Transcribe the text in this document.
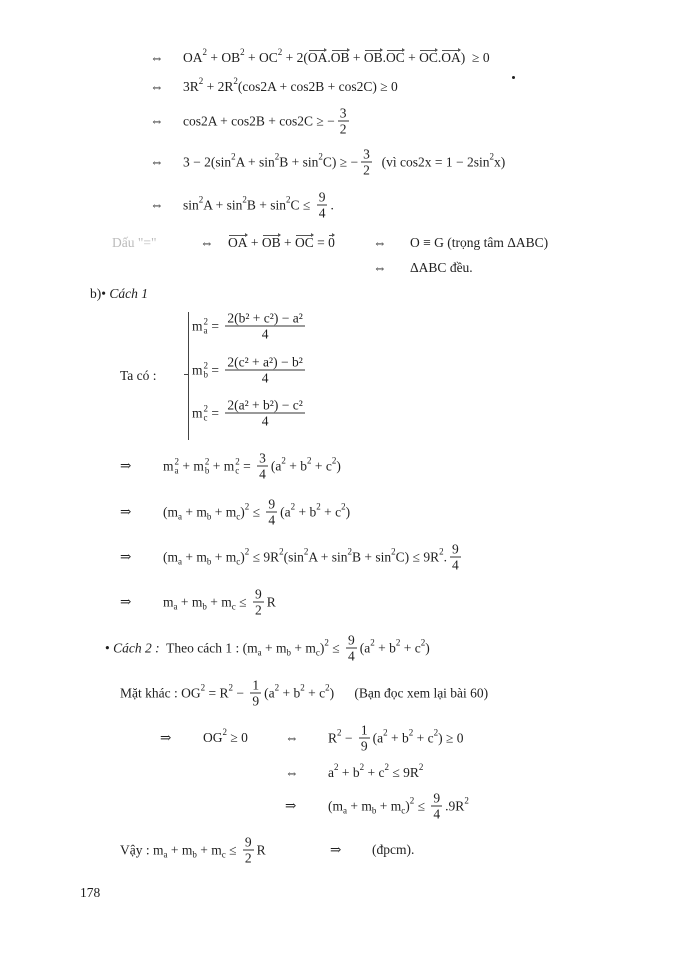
⇔ OA 2 + OB 2 + OC 2 + 2( OA . OB + OB . OC + OC . OA )  ≥ 0
⇔ 3R 2 + 2R 2 (cos2A + cos2B + cos2C) ≥ 0
⇔ cos2A + cos2B + cos2C ≥ − $\frac{3}{2}$
⇔ 3 − 2(sin 2 A + sin 2 B + sin 2 C) ≥ − $\frac{3}{2}$ (vì cos2x = 1 − 2sin 2 x)
⇔ sin 2 A + sin 2 B + sin 2 $C \le \frac{9}{4}$ .
Dấu "="	⇔ OA + OB + OC = 0	⇔ O ≡ G (trọng tâm ΔABC)
⇔ ΔABC đều.
b)• Cách 1
Ta có :
m 2
$a = \frac{\text{2(b² + c²) − a²}}{4}$
m 2
$b = \frac{\text{2(c² + a²) − b²}}{4}$
m 2
$c = \frac{\text{2(a² + b²) − c²}}{4}$
⇒ m 2
a + m 2
b + m 2
$c = \frac{3}{4} (a$ 2 + b 2 + c 2 )
⇒ (m a + m b + m c ) $2 \le \frac{9}{4} (a$ 2 + b 2 + c 2 )
⇒ (m a + m b + m c ) 2 ≤ 9R 2 (sin 2 A + sin 2 B + sin 2 C) ≤ 9R 2 . $\frac{9}{4}$
⇒ m a + m b + m $c \le \frac{9}{2}$ R
• Cách 2 : Theo cách 1 : (m a + m b + m c ) $2 \le \frac{9}{4} (a$ 2 + b 2 + c 2 )
Mặt khác : OG 2 = R $2 - \frac{1}{9} (a$ 2 + b 2 + c 2 )      (Bạn đọc xem lại bài 60)
⇒ OG 2 ≥ 0	⇔ R $2 - \frac{1}{9} (a$ 2 + b 2 + c 2 ) ≥ 0
⇔ a 2 + b 2 + c 2 ≤ 9R 2
⇒ (m a + m b + m c ) $2 \le \frac{9}{4} .9R$ 2
Vậy : m a + m b + m $c \le \frac{9}{2}$ R	⇒ (đpcm).
178
